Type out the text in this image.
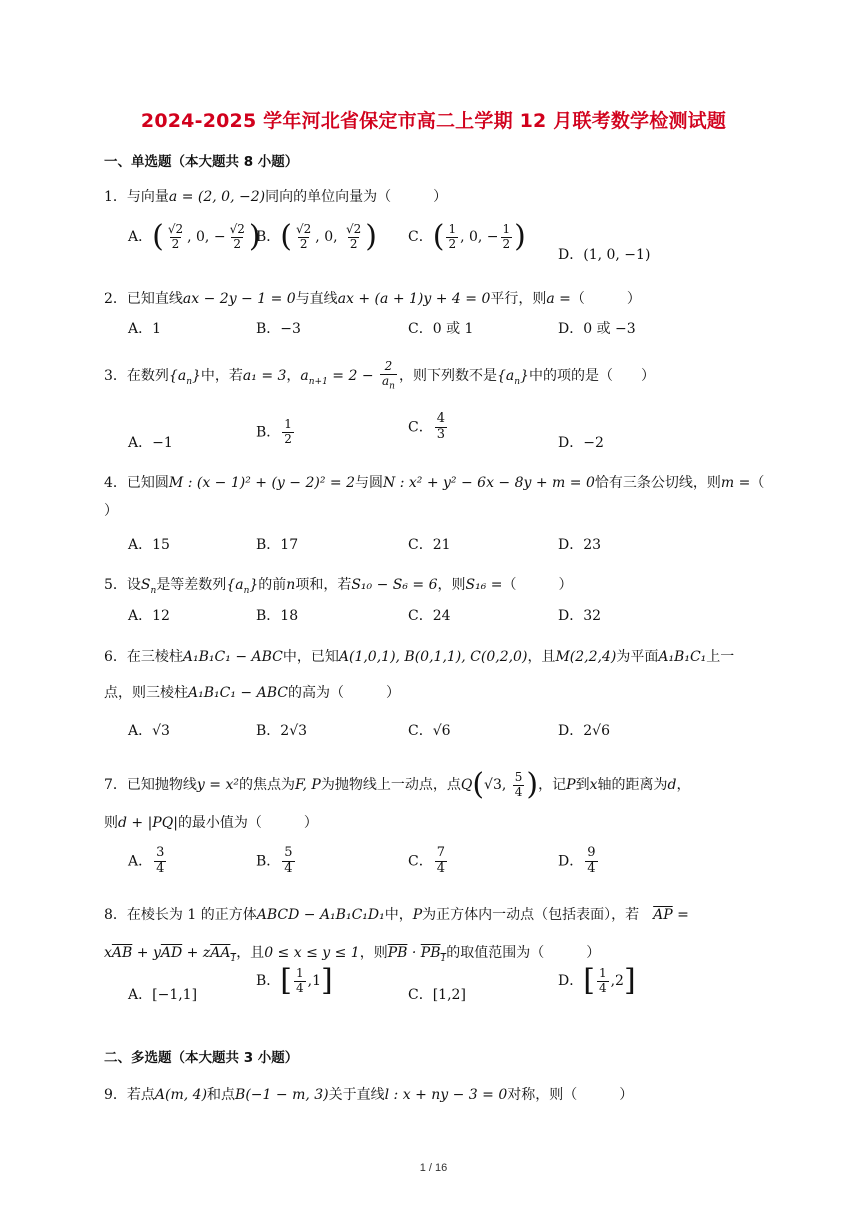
2024-2025 学年河北省保定市高二上学期 12 月联考数学检测试题
一、单选题（本大题共 8 小题）
1．与向量a = (2, 0, −2)同向的单位向量为（　　　）
A．( $\frac{√2}{2}$ , 0, − $\frac{√2}{2}$ )
B．( $\frac{√2}{2}$ , 0, $\frac{√2}{2}$ ) C．( $\frac{1}{2}$ , 0, − $\frac{1}{2}$ )
D．(1, 0, −1)
2．已知直线ax − 2y − 1 = 0与直线ax + (a + 1)y + 4 = 0平行，则a =（　　　）
A．1	B．−3	C．0 或 1	D．0 或 −3
3．在数列$\{a_n\}$中，若a₁ = 3，$a_{n+1} = 2 - \frac{2}{a_n}$ ，则下列数不是$\{a_n\}$中的项的是（　　）
A．−1
B． $\frac{1}{2}$	C． $\frac{4}{3}$
D．−2
4．已知圆M : (x − 1)² + (y − 2)² = 2与圆N : x² + y² − 6x − 8y + m = 0恰有三条公切线，则m =（
）
A．15	B．17	C．21	D．23
5．设$S_n$是等差数列$\{a_n\}$的前n项和，若S₁₀ − S₆ = 6，则S₁₆ =（　　　）
A．12	B．18	C．24	D．32
6．在三棱柱A₁B₁C₁ − ABC中，已知A(1,0,1), B(0,1,1), C(0,2,0)，且M(2,2,4)为平面A₁B₁C₁上一
点，则三棱柱A₁B₁C₁ − ABC的高为（　　　）
A．√3	B．2√3	C．√6	D．2√6
7．已知抛物线y = x²的焦点为F, P为抛物线上一动点，点Q(√3, $\frac{5}{4}$ )，记P到x轴的距离为d，
则d + |PQ|的最小值为（　　　）
A． $\frac{3}{4}$	B． $\frac{5}{4}$	C． $\frac{7}{4}$	D． $\frac{9}{4}$
8．在棱长为 1 的正方体ABCD − A₁B₁C₁D₁中，P为正方体内一动点（包括表面），若　 $\overline{AP}$ =
$x\overline{AB} + y\overline{AD} + zAA_1$，且0 ≤ x ≤ y ≤ 1，则$\overline{PB} \cdot PB_1$的取值范围为（　　　）
A．[−1,1]
B．[ $\frac{1}{4} ,1$]	C．[1,2]
D．[ $\frac{1}{4} ,2$]
二、多选题（本大题共 3 小题）
9．若点A(m, 4)和点B(−1 − m, 3)关于直线l : x + ny − 3 = 0对称，则（　　　）
1 / 16
